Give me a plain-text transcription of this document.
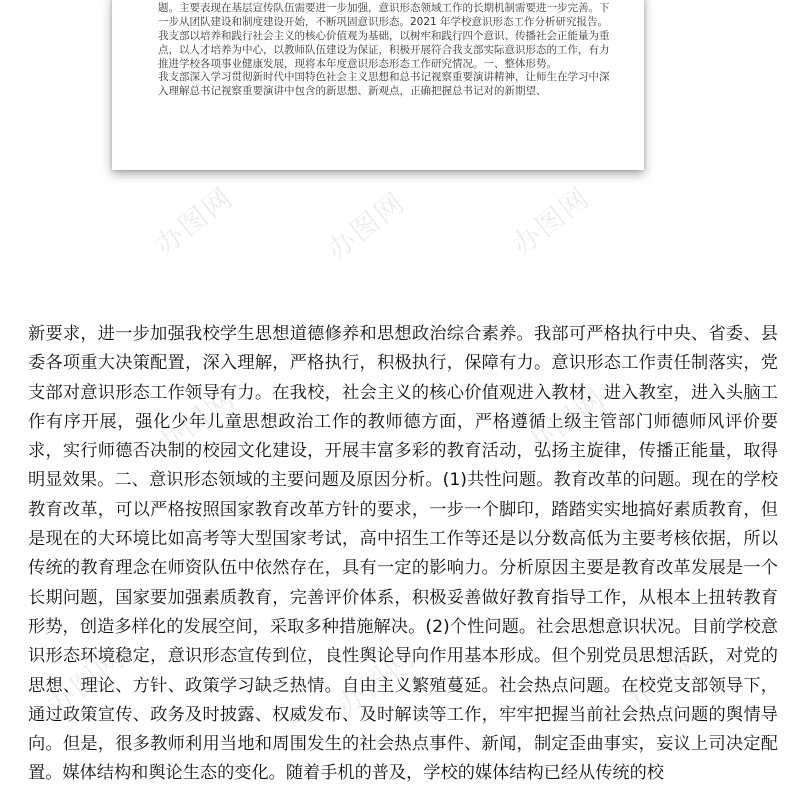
题。主要表现在基层宣传队伍需要进一步加强，意识形态领域工作的长期机制需要进一步完善。下一步从团队建设和制度建设开始，不断巩固意识形态。2021 年学校意识形态工作分析研究报告。

我支部以培养和践行社会主义的核心价值观为基础，以树牢和践行四个意识、传播社会正能量为重点，以人才培养为中心，以教师队伍建设为保证，积极开展符合我支部实际意识形态的工作，有力推进学校各项事业健康发展，现将本年度意识形态形态工作研究情况。一、整体形势。

我支部深入学习贯彻新时代中国特色社会主义思想和总书记视察重要演讲精神，让师生在学习中深入理解总书记视察重要演讲中包含的新思想、新观点，正确把握总书记对的新期望、

办图网	办图网	办图网
办图网	办图网
办图网	办图网	办图网
新要求，进一步加强我校学生思想道德修养和思想政治综合素养。我部可严格执行中央、省委、县委各项重大决策配置，深入理解，严格执行，积极执行，保障有力。意识形态工作责任制落实，党支部对意识形态工作领导有力。在我校，社会主义的核心价值观进入教材，进入教室，进入头脑工作有序开展，强化少年儿童思想政治工作的教师德方面，严格遵循上级主管部门师德师风评价要求，实行师德否决制的校园文化建设，开展丰富多彩的教育活动，弘扬主旋律，传播正能量，取得明显效果。二、意识形态领域的主要问题及原因分析。(1)共性问题。教育改革的问题。现在的学校教育改革，可以严格按照国家教育改革方针的要求，一步一个脚印，踏踏实实地搞好素质教育，但是现在的大环境比如高考等大型国家考试，高中招生工作等还是以分数高低为主要考核依据，所以传统的教育理念在师资队伍中依然存在，具有一定的影响力。分析原因主要是教育改革发展是一个长期问题，国家要加强素质教育，完善评价体系，积极妥善做好教育指导工作，从根本上扭转教育形势，创造多样化的发展空间，采取多种措施解决。(2)个性问题。社会思想意识状况。目前学校意识形态环境稳定，意识形态宣传到位，良性舆论导向作用基本形成。但个别党员思想活跃，对党的思想、理论、方针、政策学习缺乏热情。自由主义繁殖蔓延。社会热点问题。在校党支部领导下，通过政策宣传、政务及时披露、权威发布、及时解读等工作，牢牢把握当前社会热点问题的舆情导向。但是，很多教师利用当地和周围发生的社会热点事件、新闻，制定歪曲事实，妄议上司决定配置。媒体结构和舆论生态的变化。随着手机的普及，学校的媒体结构已经从传统的校
